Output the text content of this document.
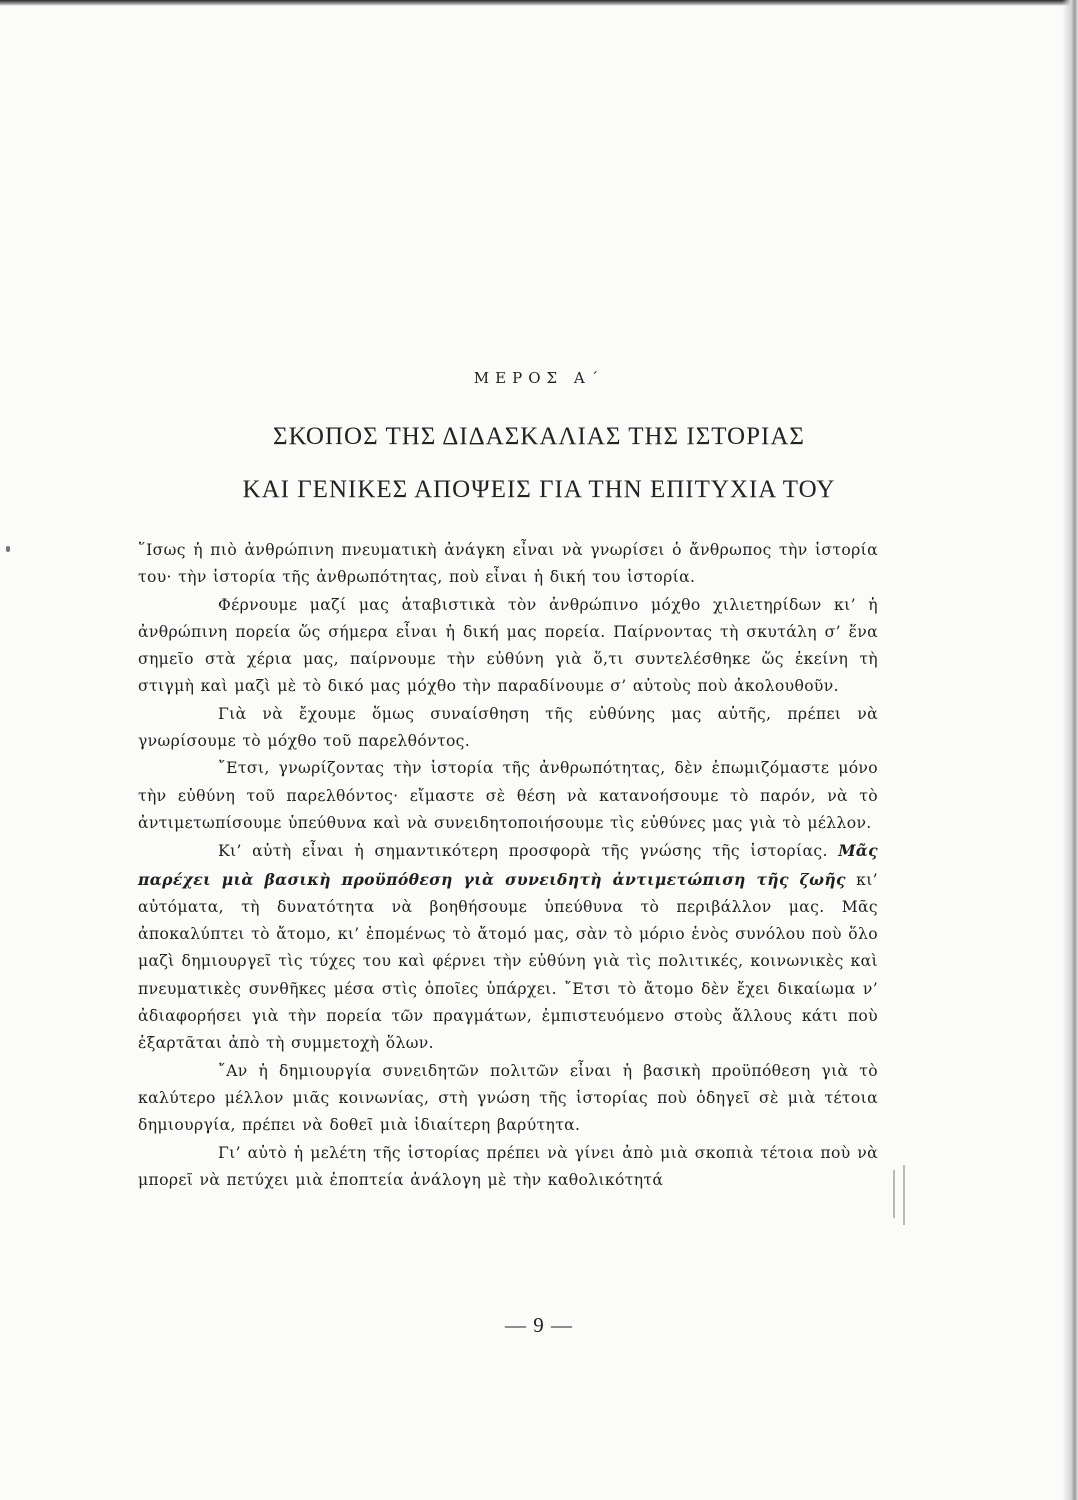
ΜΕΡΟΣ Α΄
ΣΚΟΠΟΣ ΤΗΣ ΔΙΔΑΣΚΑΛΙΑΣ ΤΗΣ ΙΣΤΟΡΙΑΣ
ΚΑΙ ΓΕΝΙΚΕΣ ΑΠΟΨΕΙΣ ΓΙΑ ΤΗΝ ΕΠΙΤΥΧΙΑ ΤΟΥ

῞Ισως ἡ πιὸ ἀνθρώπινη πνευματικὴ ἀνάγκη εἶναι νὰ γνωρίσει ὁ ἄνθρωπος τὴν ἱστορία του· τὴν ἱστορία τῆς ἀνθρωπότητας, ποὺ εἶναι ἡ δική του ἱστορία.

Φέρνουμε μαζί μας ἀταβιστικὰ τὸν ἀνθρώπινο μόχθο χιλιετηρίδων κι’ ἡ ἀνθρώπινη πορεία ὥς σήμερα εἶναι ἡ δική μας πορεία. Παίρνοντας τὴ σκυτάλη σ’ ἕνα σημεῖο στὰ χέρια μας, παίρνουμε τὴν εὐθύνη γιὰ ὅ,τι συντελέσθηκε ὥς ἐκείνη τὴ στιγμὴ καὶ μαζὶ μὲ τὸ δικό μας μόχθο τὴν παραδίνουμε σ’ αὐτοὺς ποὺ ἀκολουθοῦν.

Γιὰ νὰ ἔχουμε ὅμως συναίσθηση τῆς εὐθύνης μας αὐτῆς, πρέπει νὰ γνωρίσουμε τὸ μόχθο τοῦ παρελθόντος.

῎Ετσι, γνωρίζοντας τὴν ἱστορία τῆς ἀνθρωπότητας, δὲν ἐπωμιζόμαστε μόνο τὴν εὐθύνη τοῦ παρελθόντος· εἴμαστε σὲ θέση νὰ κατανοήσουμε τὸ παρόν, νὰ τὸ ἀντιμετωπίσουμε ὑπεύθυνα καὶ νὰ συνειδητοποιήσουμε τὶς εὐθύνες μας γιὰ τὸ μέλλον.

Κι’ αὐτὴ εἶναι ἡ σημαντικότερη προσφορὰ τῆς γνώσης τῆς ἱστορίας. Μᾶς παρέχει μιὰ βασικὴ προϋπόθεση γιὰ συνειδητὴ ἀντιμετώπιση τῆς ζωῆς κι’ αὐτόματα, τὴ δυνατότητα νὰ βοηθήσουμε ὑπεύθυνα τὸ περιβάλλον μας. Μᾶς ἀποκαλύπτει τὸ ἄτομο, κι’ ἑπομένως τὸ ἄτομό μας, σὰν τὸ μόριο ἑνὸς συνόλου ποὺ ὅλο μαζὶ δημιουργεῖ τὶς τύχες του καὶ φέρνει τὴν εὐθύνη γιὰ τὶς πολιτικές, κοινωνικὲς καὶ πνευματικὲς συνθῆκες μέσα στὶς ὁποῖες ὑπάρχει. ῎Ετσι τὸ ἄτομο δὲν ἔχει δικαίωμα ν’ ἀδιαφορήσει γιὰ τὴν πορεία τῶν πραγμάτων, ἐμπιστευόμενο στοὺς ἄλλους κάτι ποὺ ἐξαρτᾶται ἀπὸ τὴ συμμετοχὴ ὅλων.

῎Αν ἡ δημιουργία συνειδητῶν πολιτῶν εἶναι ἡ βασικὴ προϋπόθεση γιὰ τὸ καλύτερο μέλλον μιᾶς κοινωνίας, στὴ γνώση τῆς ἱστορίας ποὺ ὁδηγεῖ σὲ μιὰ τέτοια δημιουργία, πρέπει νὰ δοθεῖ μιὰ ἰδιαίτερη βαρύτητα.

Γι’ αὐτὸ ἡ μελέτη τῆς ἱστορίας πρέπει νὰ γίνει ἀπὸ μιὰ σκοπιὰ τέτοια ποὺ νὰ μπορεῖ νὰ πετύχει μιὰ ἐποπτεία ἀνάλογη μὲ τὴν καθολικότητά

— 9 —
